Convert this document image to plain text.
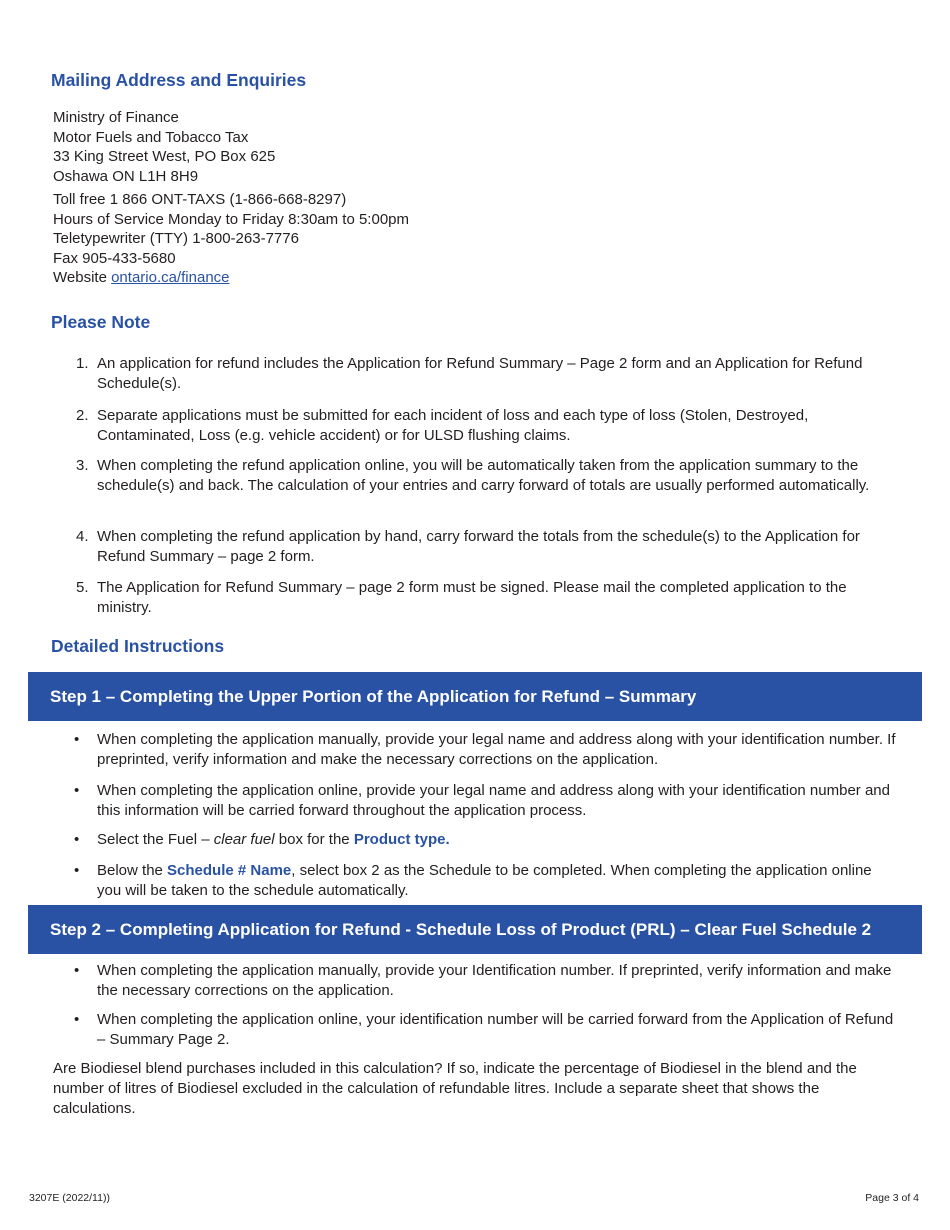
Mailing Address and Enquiries
Ministry of Finance
Motor Fuels and Tobacco Tax
33 King Street West, PO Box 625
Oshawa ON L1H 8H9
Toll free 1 866 ONT-TAXS (1-866-668-8297)
Hours of Service Monday to Friday 8:30am to 5:00pm
Teletypewriter (TTY) 1-800-263-7776
Fax 905-433-5680
Website ontario.ca/finance
Please Note
1. An application for refund includes the Application for Refund Summary – Page 2 form and an Application for Refund Schedule(s).
2. Separate applications must be submitted for each incident of loss and each type of loss (Stolen, Destroyed, Contaminated, Loss (e.g. vehicle accident) or for ULSD flushing claims.
3. When completing the refund application online, you will be automatically taken from the application summary to the schedule(s) and back. The calculation of your entries and carry forward of totals are usually performed automatically.
4. When completing the refund application by hand, carry forward the totals from the schedule(s) to the Application for Refund Summary – page 2 form.
5. The Application for Refund Summary – page 2 form must be signed. Please mail the completed application to the ministry.
Detailed Instructions
Step 1 – Completing the Upper Portion of the Application for Refund – Summary
•	When completing the application manually, provide your legal name and address along with your identification number. If preprinted, verify information and make the necessary corrections on the application.
•	When completing the application online, provide your legal name and address along with your identification number and this information will be carried forward throughout the application process.
•	Select the Fuel – clear fuel box for the Product type.
•	Below the Schedule # Name, select box 2 as the Schedule to be completed. When completing the application online you will be taken to the schedule automatically.
Step 2 – Completing Application for Refund - Schedule Loss of Product (PRL) – Clear Fuel Schedule 2
•	When completing the application manually, provide your Identification number. If preprinted, verify information and make the necessary corrections on the application.
•	When completing the application online, your identification number will be carried forward from the Application of Refund – Summary Page 2.

Are Biodiesel blend purchases included in this calculation? If so, indicate the percentage of Biodiesel in the blend and the number of litres of Biodiesel excluded in the calculation of refundable litres. Include a separate sheet that shows the calculations.

3207E (2022/11))	Page 3 of 4
